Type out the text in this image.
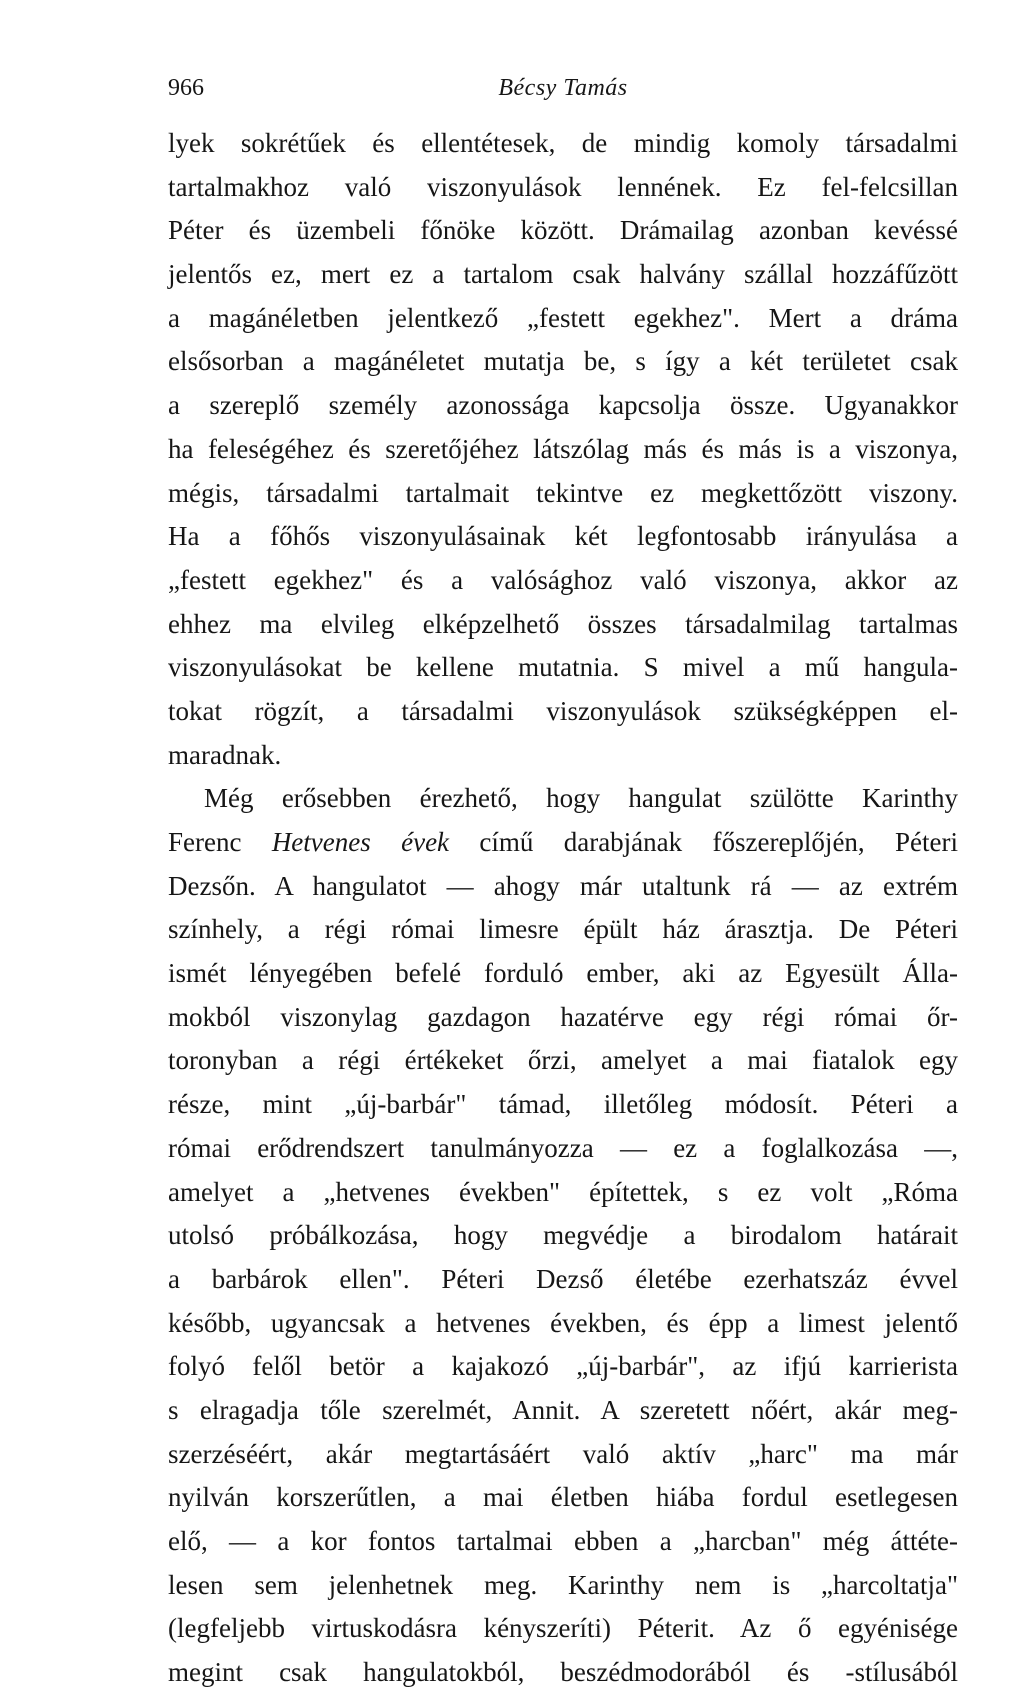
966	Bécsy Tamás
lyek sokrétűek és ellentétesek, de mindig komoly társadalmi
tartalmakhoz való viszonyulások lennének. Ez fel-felcsillan
Péter és üzembeli főnöke között. Drámailag azonban kevéssé
jelentős ez, mert ez a tartalom csak halvány szállal hozzáfűzött
a magánéletben jelentkező „festett egekhez". Mert a dráma
elsősorban a magánéletet mutatja be, s így a két területet csak
a szereplő személy azonossága kapcsolja össze. Ugyanakkor
ha feleségéhez és szeretőjéhez látszólag más és más is a viszonya,
mégis, társadalmi tartalmait tekintve ez megkettőzött viszony.
Ha a főhős viszonyulásainak két legfontosabb irányulása a
„festett egekhez" és a valósághoz való viszonya, akkor az
ehhez ma elvileg elképzelhető összes társadalmilag tartalmas
viszonyulásokat be kellene mutatnia. S mivel a mű hangula-
tokat rögzít, a társadalmi viszonyulások szükségképpen el-
maradnak.
Még erősebben érezhető, hogy hangulat szülötte Karinthy
Ferenc Hetvenes évek című darabjának főszereplőjén, Péteri
Dezsőn. A hangulatot — ahogy már utaltunk rá — az extrém
színhely, a régi római limesre épült ház árasztja. De Péteri
ismét lényegében befelé forduló ember, aki az Egyesült Álla-
mokból viszonylag gazdagon hazatérve egy régi római őr-
toronyban a régi értékeket őrzi, amelyet a mai fiatalok egy
része, mint „új-barbár" támad, illetőleg módosít. Péteri a
római erődrendszert tanulmányozza — ez a foglalkozása —,
amelyet a „hetvenes években" építettek, s ez volt „Róma
utolsó próbálkozása, hogy megvédje a birodalom határait
a barbárok ellen". Péteri Dezső életébe ezerhatszáz évvel
később, ugyancsak a hetvenes években, és épp a limest jelentő
folyó felől betör a kajakozó „új-barbár", az ifjú karrierista
s elragadja tőle szerelmét, Annit. A szeretett nőért, akár meg-
szerzéséért, akár megtartásáért való aktív „harc" ma már
nyilván korszerűtlen, a mai életben hiába fordul esetlegesen
elő, — a kor fontos tartalmai ebben a „harcban" még áttéte-
lesen sem jelenhetnek meg. Karinthy nem is „harcoltatja"
(legfeljebb virtuskodásra kényszeríti) Péterit. Az ő egyénisége
megint csak hangulatokból, beszédmodorából és -stílusából
